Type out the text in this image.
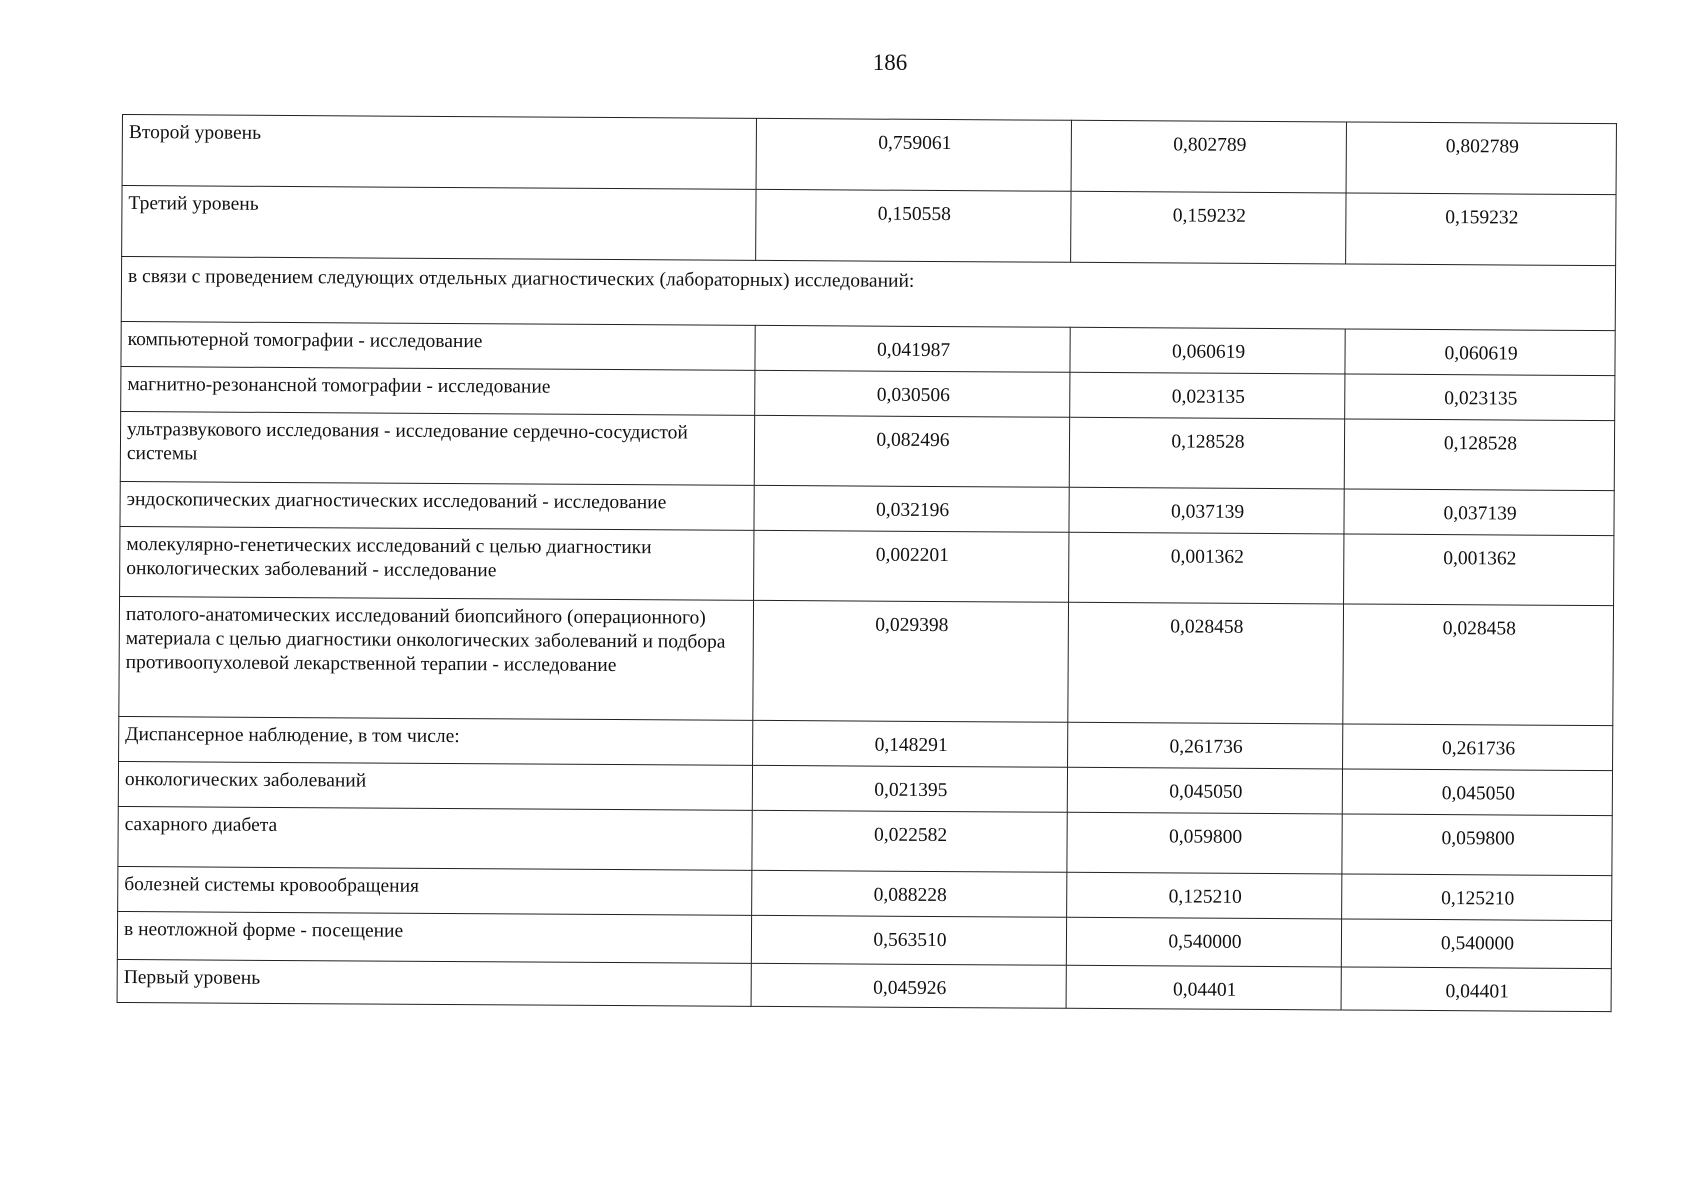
186
Второй уровень	0,759061	0,802789	0,802789
Третий уровень	0,150558	0,159232	0,159232
в связи с проведением следующих отдельных диагностических (лабораторных) исследований:			
компьютерной томографии - исследование	0,041987	0,060619	0,060619
магнитно-резонансной томографии - исследование	0,030506	0,023135	0,023135
ультразвукового исследования - исследование сердечно-сосудистой системы	0,082496	0,128528	0,128528
эндоскопических диагностических исследований - исследование	0,032196	0,037139	0,037139
молекулярно-генетических исследований с целью диагностики онкологических заболеваний - исследование	0,002201	0,001362	0,001362
патолого-анатомических исследований биопсийного (операционного) материала с целью диагностики онкологических заболеваний и подбора противоопухолевой лекарственной терапии - исследование	0,029398	0,028458	0,028458
Диспансерное наблюдение, в том числе:	0,148291	0,261736	0,261736
онкологических заболеваний	0,021395	0,045050	0,045050
сахарного диабета	0,022582	0,059800	0,059800
болезней системы кровообращения	0,088228	0,125210	0,125210
в неотложной форме - посещение	0,563510	0,540000	0,540000
Первый уровень	0,045926	0,04401	0,04401
